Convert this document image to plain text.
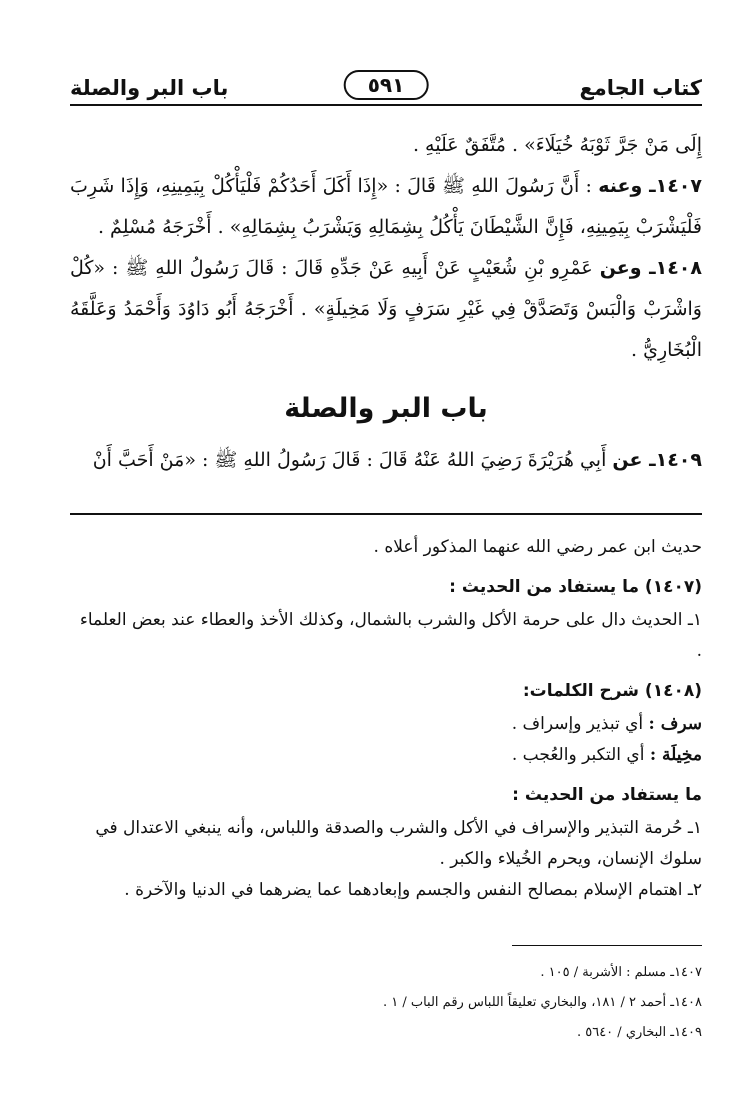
كتاب الجامع
٥٩١
باب البر والصلة

إِلَى مَنْ جَرَّ ثَوْبَهُ خُيَلَاءَ» . مُتَّفَقٌ عَلَيْهِ .

١٤٠٧ـ وعنه : أَنَّ رَسُولَ اللهِ ﷺ قَالَ : «إِذَا أَكَلَ أَحَدُكُمْ فَلْيَأْكُلْ بِيَمِينِهِ، وَإِذَا شَرِبَ فَلْيَشْرَبْ بِيَمِينِهِ، فَإِنَّ الشَّيْطَانَ يَأْكُلُ بِشِمَالِهِ وَيَشْرَبُ بِشِمَالِهِ» . أَخْرَجَهُ مُسْلِمٌ .

١٤٠٨ـ وعن عَمْرِو بْنِ شُعَيْبٍ عَنْ أَبِيهِ عَنْ جَدِّهِ قَالَ : قَالَ رَسُولُ اللهِ ﷺ : «كُلْ وَاشْرَبْ وَالْبَسْ وَتَصَدَّقْ فِي غَيْرِ سَرَفٍ وَلَا مَخِيلَةٍ» . أَخْرَجَهُ أَبُو دَاوُدَ وَأَحْمَدُ وَعَلَّقَهُ الْبُخَارِيُّ .

باب البر والصلة

١٤٠٩ـ عن أَبِي هُرَيْرَةَ رَضِيَ اللهُ عَنْهُ قَالَ : قَالَ رَسُولُ اللهِ ﷺ : «مَنْ أَحَبَّ أَنْ

حديث ابن عمر رضي الله عنهما المذكور أعلاه .

(١٤٠٧) ما يستفاد من الحديث :

١ـ الحديث دال على حرمة الأكل والشرب بالشمال، وكذلك الأخذ والعطاء عند بعض العلماء .

(١٤٠٨) شرح الكلمات:

سرف : أي تبذير وإسراف .

مخِيلَة : أي التكبر والعُجب .

ما يستفاد من الحديث :

١ـ حُرمة التبذير والإسراف في الأكل والشرب والصدقة واللباس، وأنه ينبغي الاعتدال في سلوك الإنسان، ويحرم الخُيلاء والكبر .

٢ـ اهتمام الإسلام بمصالح النفس والجسم وإبعادهما عما يضرهما في الدنيا والآخرة .

١٤٠٧ـ مسلم : الأشربة / ١٠٥ .

١٤٠٨ـ أحمد ٢ / ١٨١، والبخاري تعليقاً اللباس رقم الباب / ١ .

١٤٠٩ـ البخاري / ٥٦٤٠ .
